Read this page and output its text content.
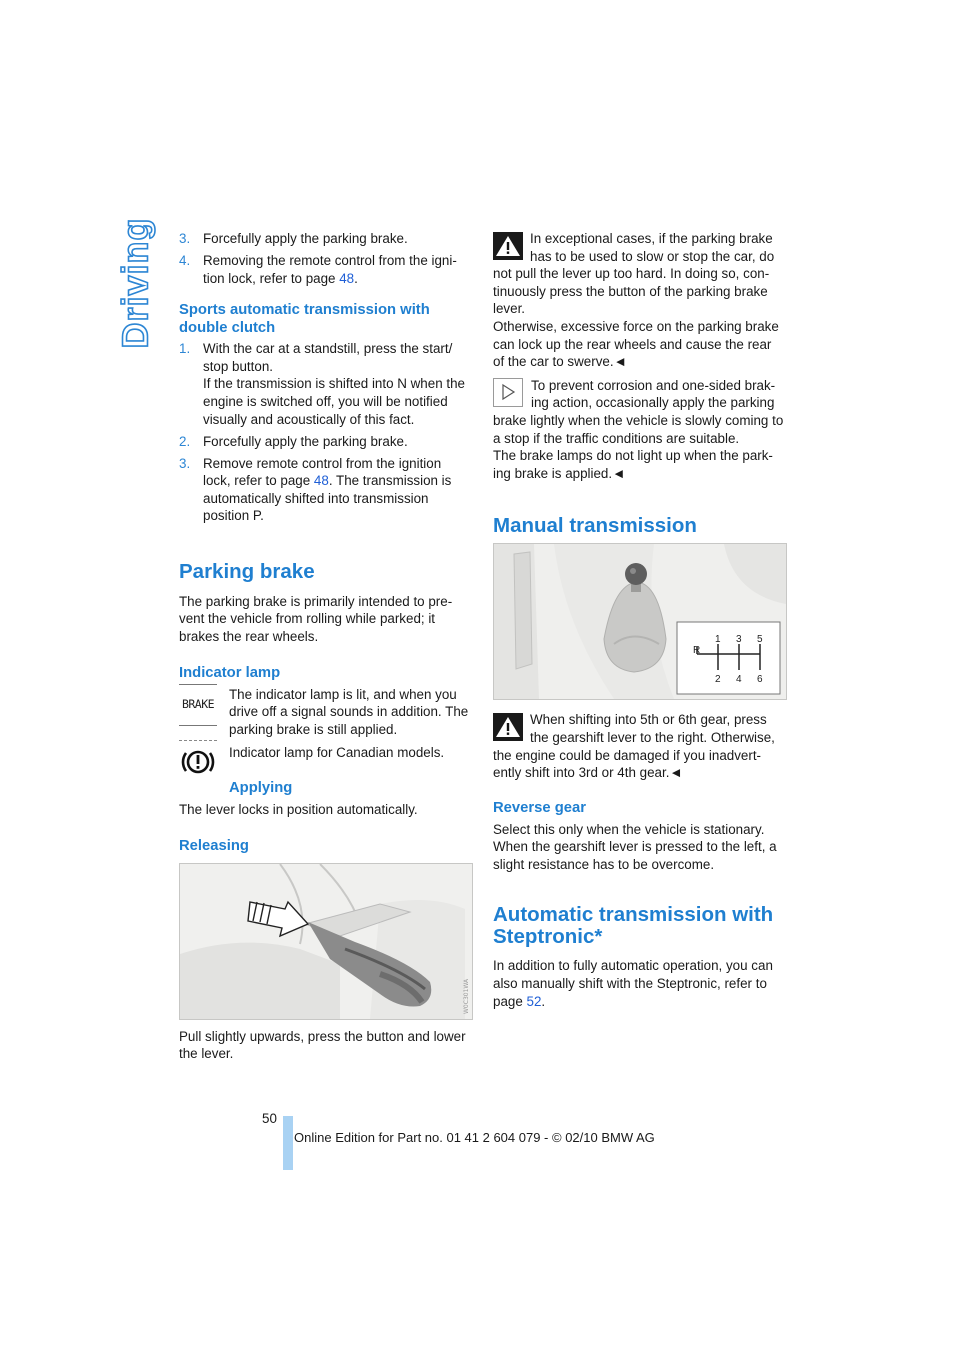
Driving 3. Forcefully apply the parking brake.
4. Removing the remote control from the igni-tion lock, refer to page 48.
Sports automatic transmission with double clutch
1. With the car at a standstill, press the start/ stop button.
If the transmission is shifted into N when the engine is switched off, you will be notified visually and acoustically of this fact.
2. Forcefully apply the parking brake.
3. Remove remote control from the ignition lock, refer to page 48. The transmission is automatically shifted into transmission position P.
Parking brake

The parking brake is primarily intended to pre-vent the vehicle from rolling while parked; it brakes the rear wheels.

Indicator lamp
BRAKE

The indicator lamp is lit, and when you drive off a signal sounds in addition. The parking brake is still applied.

Indicator lamp for Canadian models.

Applying

The lever locks in position automatically.

Releasing
W0C301WA

Pull slightly upwards, press the button and lower the lever.

In exceptional cases, if the parking brake has to be used to slow or stop the car, do not pull the lever up too hard. In doing so, con-tinuously press the button of the parking brake lever.

Otherwise, excessive force on the parking brake can lock up the rear wheels and cause the rear of the car to swerve.◄

To prevent corrosion and one-sided brak-ing action, occasionally apply the parking brake lightly when the vehicle is slowly coming to a stop if the traffic conditions are suitable.

The brake lamps do not light up when the park-ing brake is applied.◄

Manual transmission
R
1 3 5
2 4 6

When shifting into 5th or 6th gear, press the gearshift lever to the right. Otherwise, the engine could be damaged if you inadvert-ently shift into 3rd or 4th gear.◄

Reverse gear

Select this only when the vehicle is stationary. When the gearshift lever is pressed to the left, a slight resistance has to be overcome.

Automatic transmission with Steptronic*

In addition to fully automatic operation, you can also manually shift with the Steptronic, refer to page 52.

50
Online Edition for Part no. 01 41 2 604 079 - © 02/10 BMW AG
